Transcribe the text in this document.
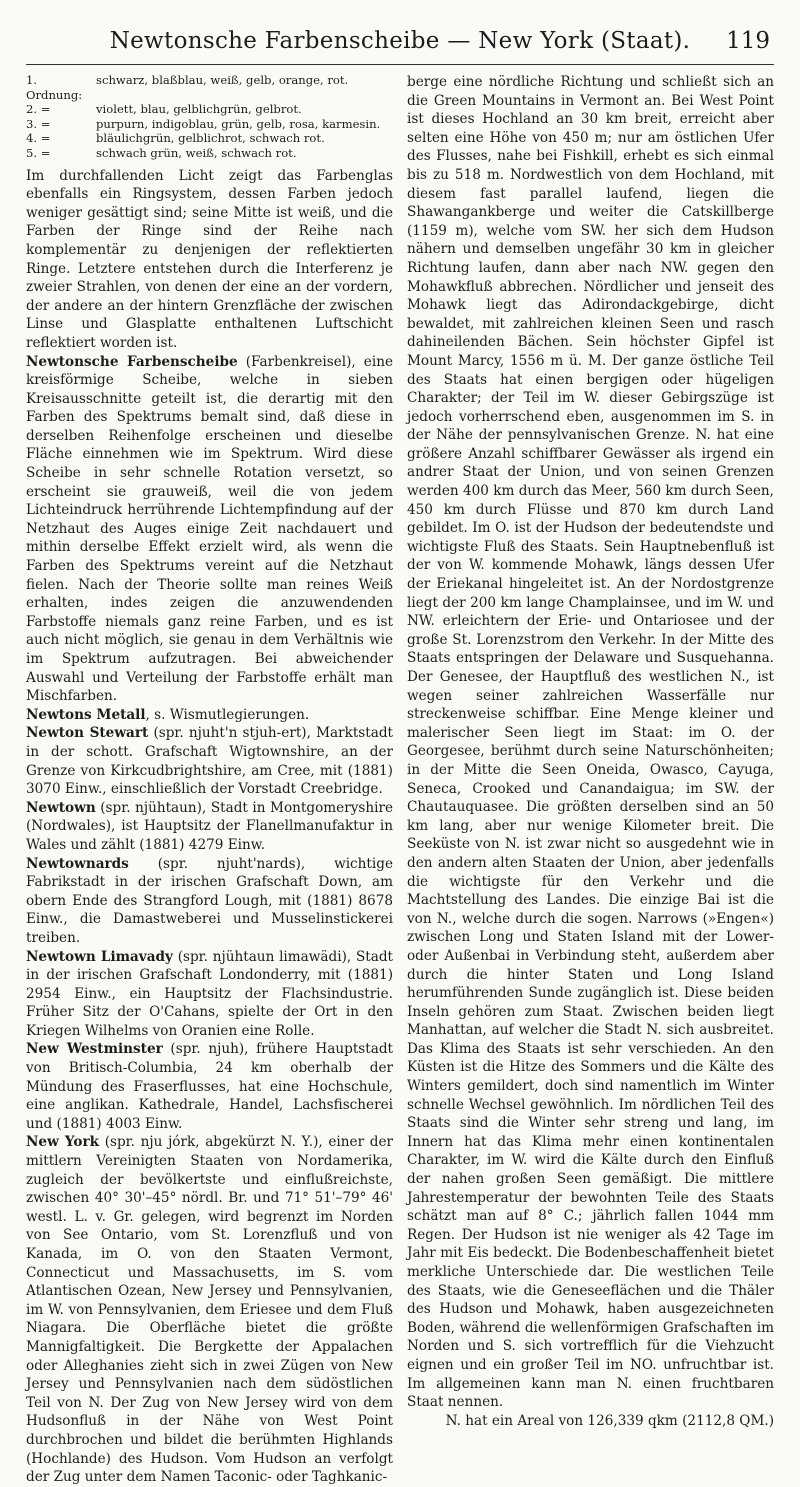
Newtonsche Farbenscheibe — New York (Staat).	119
1. Ordnung:
schwarz, blaßblau, weiß, gelb, orange, rot.
2. =	violett, blau, gelblichgrün, gelbrot.
3. =	purpurn, indigoblau, grün, gelb, rosa, karmesin.
4. =	bläulichgrün, gelblichrot, schwach rot.
5. =	schwach grün, weiß, schwach rot.

Im durchfallenden Licht zeigt das Farbenglas ebenfalls ein Ringsystem, dessen Farben jedoch weniger gesättigt sind; seine Mitte ist weiß, und die Farben der Ringe sind der Reihe nach komplementär zu denjenigen der reflektierten Ringe. Letztere entstehen durch die Interferenz je zweier Strahlen, von denen der eine an der vordern, der andere an der hintern Grenzfläche der zwischen Linse und Glasplatte enthaltenen Luftschicht reflektiert worden ist.

Newtonsche Farbenscheibe (Farbenkreisel), eine kreisförmige Scheibe, welche in sieben Kreisausschnitte geteilt ist, die derartig mit den Farben des Spektrums bemalt sind, daß diese in derselben Reihenfolge erscheinen und dieselbe Fläche einnehmen wie im Spektrum. Wird diese Scheibe in sehr schnelle Rotation versetzt, so erscheint sie grauweiß, weil die von jedem Lichteindruck herrührende Lichtempfindung auf der Netzhaut des Auges einige Zeit nachdauert und mithin derselbe Effekt erzielt wird, als wenn die Farben des Spektrums vereint auf die Netzhaut fielen. Nach der Theorie sollte man reines Weiß erhalten, indes zeigen die anzuwendenden Farbstoffe niemals ganz reine Farben, und es ist auch nicht möglich, sie genau in dem Verhältnis wie im Spektrum aufzutragen. Bei abweichender Auswahl und Verteilung der Farbstoffe erhält man Mischfarben.

Newtons Metall, s. Wismutlegierungen.

Newton Stewart (spr. njuht'n stjuh-ert), Marktstadt in der schott. Grafschaft Wigtownshire, an der Grenze von Kirkcudbrightshire, am Cree, mit (1881) 3070 Einw., einschließlich der Vorstadt Creebridge.

Newtown (spr. njühtaun), Stadt in Montgomeryshire (Nordwales), ist Hauptsitz der Flanellmanufaktur in Wales und zählt (1881) 4279 Einw.

Newtownards (spr. njuht'nards), wichtige Fabrikstadt in der irischen Grafschaft Down, am obern Ende des Strangford Lough, mit (1881) 8678 Einw., die Damastweberei und Musselinstickerei treiben.

Newtown Limavady (spr. njühtaun limawädi), Stadt in der irischen Grafschaft Londonderry, mit (1881) 2954 Einw., ein Hauptsitz der Flachsindustrie. Früher Sitz der O'Cahans, spielte der Ort in den Kriegen Wilhelms von Oranien eine Rolle.

New Westminster (spr. njuh), frühere Hauptstadt von Britisch-Columbia, 24 km oberhalb der Mündung des Fraserflusses, hat eine Hochschule, eine anglikan. Kathedrale, Handel, Lachsfischerei und (1881) 4003 Einw.

New York (spr. nju jórk, abgekürzt N. Y.), einer der mittlern Vereinigten Staaten von Nordamerika, zugleich der bevölkertste und einflußreichste, zwischen 40° 30'–45° nördl. Br. und 71° 51'–79° 46' westl. L. v. Gr. gelegen, wird begrenzt im Norden von See Ontario, vom St. Lorenzfluß und von Kanada, im O. von den Staaten Vermont, Connecticut und Massachusetts, im S. vom Atlantischen Ozean, New Jersey und Pennsylvanien, im W. von Pennsylvanien, dem Eriesee und dem Fluß Niagara. Die Oberfläche bietet die größte Mannigfaltigkeit. Die Bergkette der Appalachen oder Alleghanies zieht sich in zwei Zügen von New Jersey und Pennsylvanien nach dem südöstlichen Teil von N. Der Zug von New Jersey wird von dem Hudsonfluß in der Nähe von West Point durchbrochen und bildet die berühmten Highlands (Hochlande) des Hudson. Vom Hudson an verfolgt der Zug unter dem Namen Taconic- oder Taghkanic-

berge eine nördliche Richtung und schließt sich an die Green Mountains in Vermont an. Bei West Point ist dieses Hochland an 30 km breit, erreicht aber selten eine Höhe von 450 m; nur am östlichen Ufer des Flusses, nahe bei Fishkill, erhebt es sich einmal bis zu 518 m. Nordwestlich von dem Hochland, mit diesem fast parallel laufend, liegen die Shawangankberge und weiter die Catskillberge (1159 m), welche vom SW. her sich dem Hudson nähern und demselben ungefähr 30 km in gleicher Richtung laufen, dann aber nach NW. gegen den Mohawkfluß abbrechen. Nördlicher und jenseit des Mohawk liegt das Adirondackgebirge, dicht bewaldet, mit zahlreichen kleinen Seen und rasch dahineilenden Bächen. Sein höchster Gipfel ist Mount Marcy, 1556 m ü. M. Der ganze östliche Teil des Staats hat einen bergigen oder hügeligen Charakter; der Teil im W. dieser Gebirgszüge ist jedoch vorherrschend eben, ausgenommen im S. in der Nähe der pennsylvanischen Grenze. N. hat eine größere Anzahl schiffbarer Gewässer als irgend ein andrer Staat der Union, und von seinen Grenzen werden 400 km durch das Meer, 560 km durch Seen, 450 km durch Flüsse und 870 km durch Land gebildet. Im O. ist der Hudson der bedeutendste und wichtigste Fluß des Staats. Sein Hauptnebenfluß ist der von W. kommende Mohawk, längs dessen Ufer der Eriekanal hingeleitet ist. An der Nordostgrenze liegt der 200 km lange Champlainsee, und im W. und NW. erleichtern der Erie- und Ontariosee und der große St. Lorenzstrom den Verkehr. In der Mitte des Staats entspringen der Delaware und Susquehanna. Der Genesee, der Hauptfluß des westlichen N., ist wegen seiner zahlreichen Wasserfälle nur streckenweise schiffbar. Eine Menge kleiner und malerischer Seen liegt im Staat: im O. der Georgesee, berühmt durch seine Naturschönheiten; in der Mitte die Seen Oneida, Owasco, Cayuga, Seneca, Crooked und Canandaigua; im SW. der Chautauquasee. Die größten derselben sind an 50 km lang, aber nur wenige Kilometer breit. Die Seeküste von N. ist zwar nicht so ausgedehnt wie in den andern alten Staaten der Union, aber jedenfalls die wichtigste für den Verkehr und die Machtstellung des Landes. Die einzige Bai ist die von N., welche durch die sogen. Narrows (»Engen«) zwischen Long und Staten Island mit der Lower- oder Außenbai in Verbindung steht, außerdem aber durch die hinter Staten und Long Island herumführenden Sunde zugänglich ist. Diese beiden Inseln gehören zum Staat. Zwischen beiden liegt Manhattan, auf welcher die Stadt N. sich ausbreitet. Das Klima des Staats ist sehr verschieden. An den Küsten ist die Hitze des Sommers und die Kälte des Winters gemildert, doch sind namentlich im Winter schnelle Wechsel gewöhnlich. Im nördlichen Teil des Staats sind die Winter sehr streng und lang, im Innern hat das Klima mehr einen kontinentalen Charakter, im W. wird die Kälte durch den Einfluß der nahen großen Seen gemäßigt. Die mittlere Jahrestemperatur der bewohnten Teile des Staats schätzt man auf 8° C.; jährlich fallen 1044 mm Regen. Der Hudson ist nie weniger als 42 Tage im Jahr mit Eis bedeckt. Die Bodenbeschaffenheit bietet merkliche Unterschiede dar. Die westlichen Teile des Staats, wie die Geneseeflächen und die Thäler des Hudson und Mohawk, haben ausgezeichneten Boden, während die wellenförmigen Grafschaften im Norden und S. sich vortrefflich für die Viehzucht eignen und ein großer Teil im NO. unfruchtbar ist. Im allgemeinen kann man N. einen fruchtbaren Staat nennen.

N. hat ein Areal von 126,339 qkm (2112,8 QM.)
